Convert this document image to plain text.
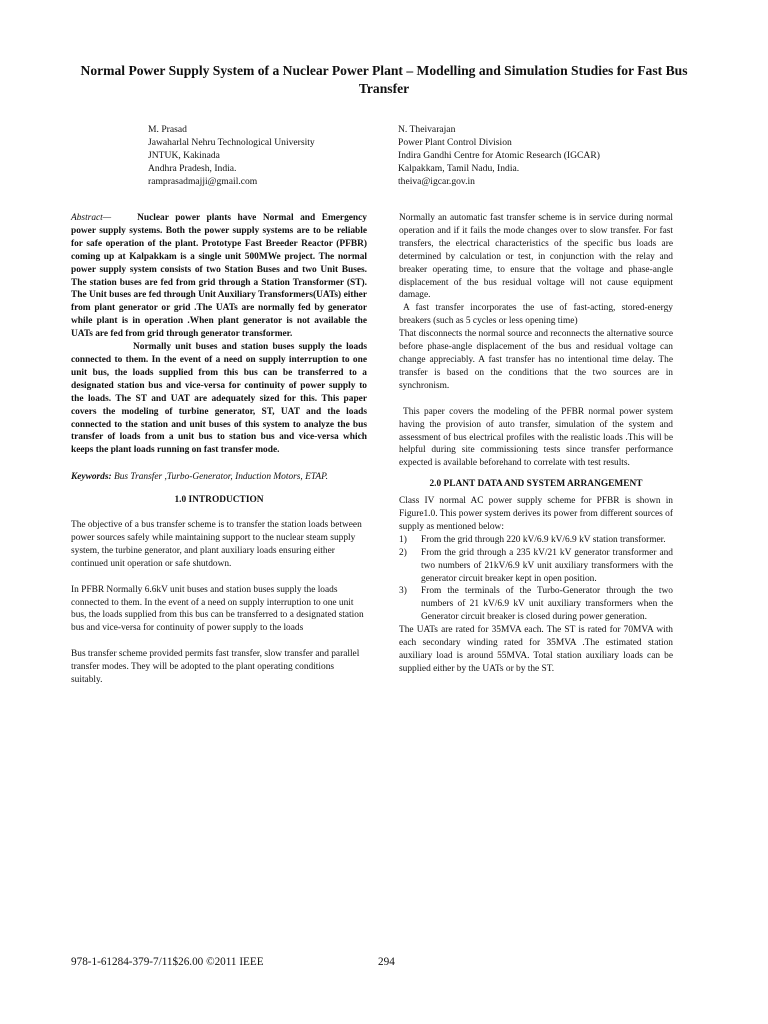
Normal Power Supply System of a Nuclear Power Plant – Modelling and Simulation Studies for Fast Bus Transfer
M. Prasad
Jawaharlal Nehru Technological University
JNTUK, Kakinada
Andhra Pradesh, India.
ramprasadmajji@gmail.com
N. Theivarajan
Power Plant Control Division
Indira Gandhi Centre for Atomic Research (IGCAR)
Kalpakkam, Tamil Nadu, India.
theiva@igcar.gov.in

Abstract—	Nuclear power plants have Normal and Emergency power supply systems. Both the power supply systems are to be reliable for safe operation of the plant. Prototype Fast Breeder Reactor (PFBR) coming up at Kalpakkam is a single unit 500MWe project. The normal power supply system consists of two Station Buses and two Unit Buses. The station buses are fed from grid through a Station Transformer (ST). The Unit buses are fed through Unit Auxiliary Transformers(UATs) either from plant generator or grid .The UATs are normally fed by generator while plant is in operation .When plant generator is not available the UATs are fed from grid through generator transformer.

Normally unit buses and station buses supply the loads connected to them. In the event of a need on supply interruption to one unit bus, the loads supplied from this bus can be transferred to a designated station bus and vice-versa for continuity of power supply to the loads. The ST and UAT are adequately sized for this. This paper covers the modeling of turbine generator, ST, UAT and the loads connected to the station and unit buses of this system to analyze the bus transfer of loads from a unit bus to station bus and vice-versa which keeps the plant loads running on fast transfer mode.

Keywords: Bus Transfer ,Turbo-Generator, Induction Motors, ETAP.

1.0 INTRODUCTION

The objective of a bus transfer scheme is to transfer the station loads between power sources safely while maintaining support to the nuclear steam supply system, the turbine generator, and plant auxiliary loads ensuring either continued unit operation or safe shutdown.

In PFBR Normally 6.6kV unit buses and station buses supply the loads connected to them. In the event of a need on supply interruption to one unit bus, the loads supplied from this bus can be transferred to a designated station bus and vice-versa for continuity of power supply to the loads

Bus transfer scheme provided permits fast transfer, slow transfer and parallel transfer modes. They will be adopted to the plant operating conditions suitably.

Normally an automatic fast transfer scheme is in service during normal operation and if it fails the mode changes over to slow transfer. For fast transfers, the electrical characteristics of the specific bus loads are determined by calculation or test, in conjunction with the relay and breaker operating time, to ensure that the voltage and phase-angle displacement of the bus residual voltage will not cause equipment damage.

A fast transfer incorporates the use of fast-acting, stored-energy breakers (such as 5 cycles or less opening time)

That disconnects the normal source and reconnects the alternative source before phase-angle displacement of the bus and residual voltage can change appreciably. A fast transfer has no intentional time delay. The transfer is based on the conditions that the two sources are in synchronism.

This paper covers the modeling of the PFBR normal power system having the provision of auto transfer, simulation of the system and assessment of bus electrical profiles with the realistic loads .This will be helpful during site commissioning tests since transfer performance expected is available beforehand to correlate with test results.

2.0 PLANT DATA AND SYSTEM ARRANGEMENT

Class IV normal AC power supply scheme for PFBR is shown in Figure1.0. This power system derives its power from different sources of supply as mentioned below:

1) From the grid through 220 kV/6.9 kV/6.9 kV station transformer.
2) From the grid through a 235 kV/21 kV generator transformer and two numbers of 21kV/6.9 kV unit auxiliary transformers with the generator circuit breaker kept in open position.
3) From the terminals of the Turbo-Generator through the two numbers of 21 kV/6.9 kV unit auxiliary transformers when the Generator circuit breaker is closed during power generation.

The UATs are rated for 35MVA each. The ST is rated for 70MVA with each secondary winding rated for 35MVA .The estimated station auxiliary load is around 55MVA. Total station auxiliary loads can be supplied either by the UATs or by the ST.

978-1-61284-379-7/11$26.00 ©2011 IEEE	294
